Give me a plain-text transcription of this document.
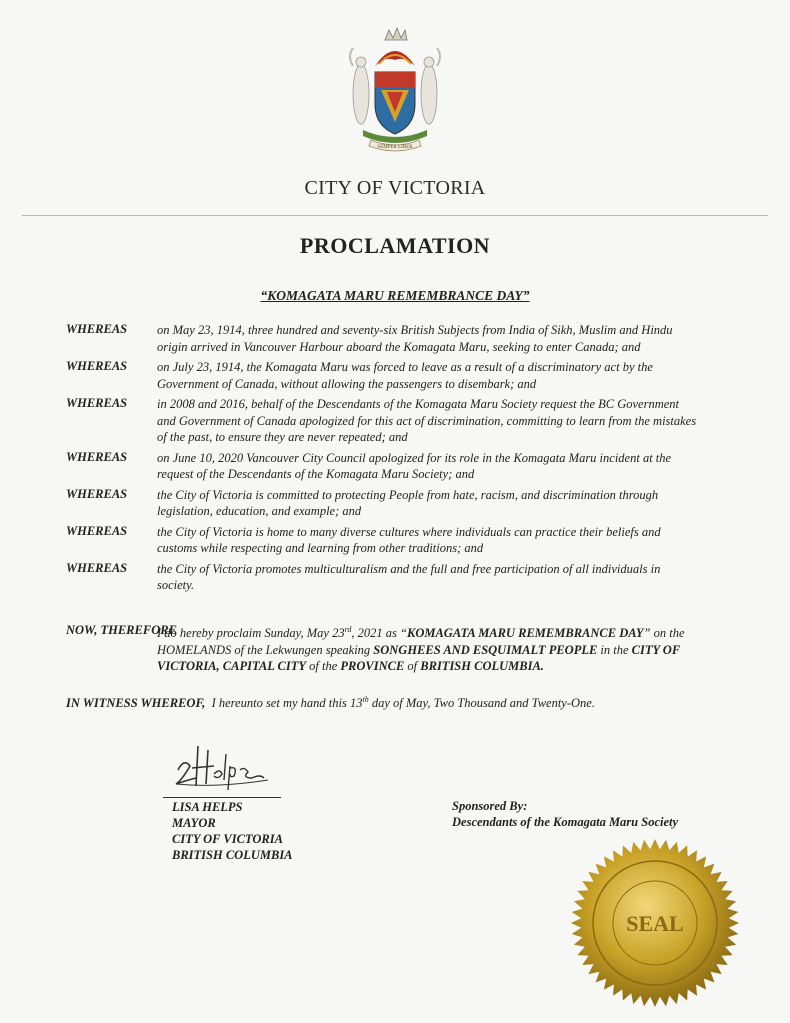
SEMPER LIBER
CITY OF VICTORIA
PROCLAMATION
“KOMAGATA MARU REMEMBRANCE DAY”
WHEREAS on May 23, 1914, three hundred and seventy-six British Subjects from India of Sikh, Muslim and Hindu origin arrived in Vancouver Harbour aboard the Komagata Maru, seeking to enter Canada; and
WHEREAS on July 23, 1914, the Komagata Maru was forced to leave as a result of a discriminatory act by the Government of Canada, without allowing the passengers to disembark; and
WHEREAS in 2008 and 2016, behalf of the Descendants of the Komagata Maru Society request the BC Government and Government of Canada apologized for this act of discrimination, committing to learn from the mistakes of the past, to ensure they are never repeated; and
WHEREAS on June 10, 2020 Vancouver City Council apologized for its role in the Komagata Maru incident at the request of the Descendants of the Komagata Maru Society; and
WHEREAS the City of Victoria is committed to protecting People from hate, racism, and discrimination through legislation, education, and example; and
WHEREAS the City of Victoria is home to many diverse cultures where individuals can practice their beliefs and customs while respecting and learning from other traditions; and
WHEREAS the City of Victoria promotes multiculturalism and the full and free participation of all individuals in society.
NOW, THEREFORE
I do hereby proclaim Sunday, May 23rd, 2021 as “KOMAGATA MARU REMEMBRANCE DAY” on the HOMELANDS of the Lekwungen speaking SONGHEES AND ESQUIMALT PEOPLE in the CITY OF VICTORIA, CAPITAL CITY of the PROVINCE of BRITISH COLUMBIA.
IN WITNESS WHEREOF, I hereunto set my hand this 13th day of May, Two Thousand and Twenty-One.
LISA HELPS
MAYOR
CITY OF VICTORIA
BRITISH COLUMBIA
Sponsored By:
Descendants of the Komagata Maru Society
SEAL
